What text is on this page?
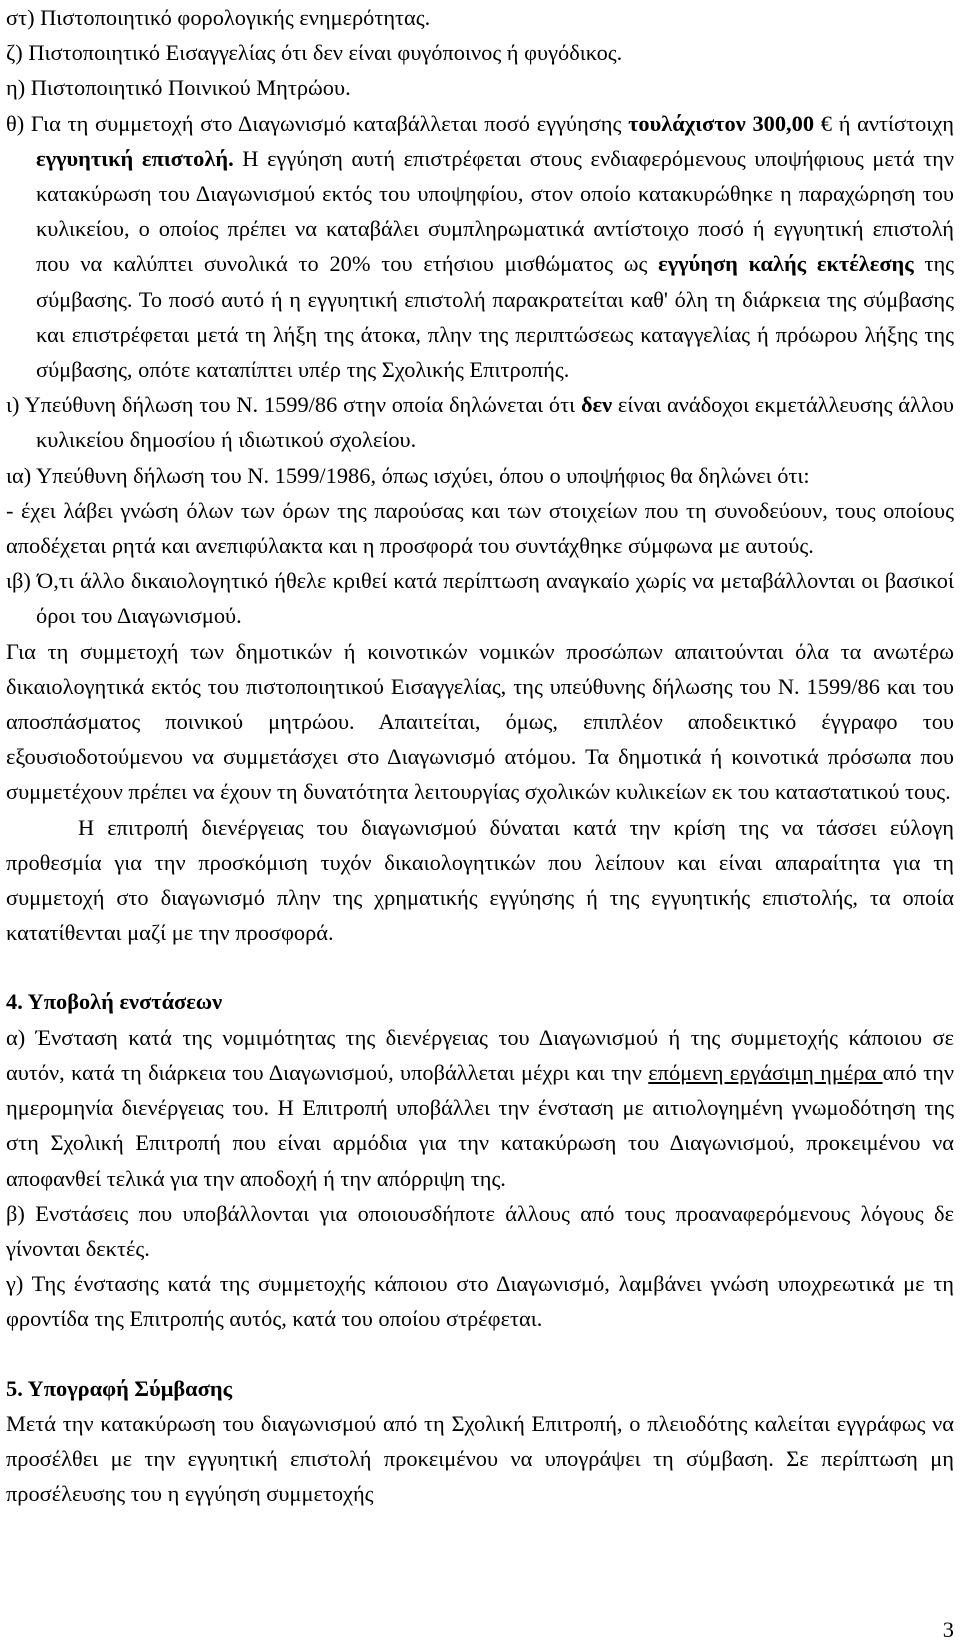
στ) Πιστοποιητικό φορολογικής ενημερότητας.

ζ) Πιστοποιητικό Εισαγγελίας ότι δεν είναι φυγόποινος ή φυγόδικος.

η) Πιστοποιητικό Ποινικού Μητρώου.

θ) Για τη συμμετοχή στο Διαγωνισμό καταβάλλεται ποσό εγγύησης τουλάχιστον 300,00 € ή αντίστοιχη εγγυητική επιστολή. Η εγγύηση αυτή επιστρέφεται στους ενδιαφερόμενους υποψήφιους μετά την κατακύρωση του Διαγωνισμού εκτός του υποψηφίου, στον οποίο κατακυρώθηκε η παραχώρηση του κυλικείου, ο οποίος πρέπει να καταβάλει συμπληρωματικά αντίστοιχο ποσό ή εγγυητική επιστολή που να καλύπτει συνολικά το 20% του ετήσιου μισθώματος ως εγγύηση καλής εκτέλεσης της σύμβασης. Το ποσό αυτό ή η εγγυητική επιστολή παρακρατείται καθ' όλη τη διάρκεια της σύμβασης και επιστρέφεται μετά τη λήξη της άτοκα, πλην της περιπτώσεως καταγγελίας ή πρόωρου λήξης της σύμβασης, οπότε καταπίπτει υπέρ της Σχολικής Επιτροπής.

ι) Υπεύθυνη δήλωση του Ν. 1599/86 στην οποία δηλώνεται ότι δεν είναι ανάδοχοι εκμετάλλευσης άλλου κυλικείου δημοσίου ή ιδιωτικού σχολείου.

ια) Υπεύθυνη δήλωση του Ν. 1599/1986, όπως ισχύει, όπου ο υποψήφιος θα δηλώνει ότι:

- έχει λάβει γνώση όλων των όρων της παρούσας και των στοιχείων που τη συνοδεύουν, τους οποίους αποδέχεται ρητά και ανεπιφύλακτα και η προσφορά του συντάχθηκε σύμφωνα με αυτούς.

ιβ) Ό,τι άλλο δικαιολογητικό ήθελε κριθεί κατά περίπτωση αναγκαίο χωρίς να μεταβάλλονται οι βασικοί όροι του Διαγωνισμού.

Για τη συμμετοχή των δημοτικών ή κοινοτικών νομικών προσώπων απαιτούνται όλα τα ανωτέρω δικαιολογητικά εκτός του πιστοποιητικού Εισαγγελίας, της υπεύθυνης δήλωσης του Ν. 1599/86 και του αποσπάσματος ποινικού μητρώου. Απαιτείται, όμως, επιπλέον αποδεικτικό έγγραφο του εξουσιοδοτούμενου να συμμετάσχει στο Διαγωνισμό ατόμου. Τα δημοτικά ή κοινοτικά πρόσωπα που συμμετέχουν πρέπει να έχουν τη δυνατότητα λειτουργίας σχολικών κυλικείων εκ του καταστατικού τους.

Η επιτροπή διενέργειας του διαγωνισμού δύναται κατά την κρίση της να τάσσει εύλογη προθεσμία για την προσκόμιση τυχόν δικαιολογητικών που λείπουν και είναι απαραίτητα για τη συμμετοχή στο διαγωνισμό πλην της χρηματικής εγγύησης ή της εγγυητικής επιστολής, τα οποία κατατίθενται μαζί με την προσφορά.

4. Υποβολή ενστάσεων

α) Ένσταση κατά της νομιμότητας της διενέργειας του Διαγωνισμού ή της συμμετοχής κάποιου σε αυτόν, κατά τη διάρκεια του Διαγωνισμού, υποβάλλεται μέχρι και την επόμενη εργάσιμη ημέρα από την ημερομηνία διενέργειας του. Η Επιτροπή υποβάλλει την ένσταση με αιτιολογημένη γνωμοδότηση της στη Σχολική Επιτροπή που είναι αρμόδια για την κατακύρωση του Διαγωνισμού, προκειμένου να αποφανθεί τελικά για την αποδοχή ή την απόρριψη της.

β) Ενστάσεις που υποβάλλονται για οποιουσδήποτε άλλους από τους προαναφερόμενους λόγους δε γίνονται δεκτές.

γ) Της ένστασης κατά της συμμετοχής κάποιου στο Διαγωνισμό, λαμβάνει γνώση υποχρεωτικά με τη φροντίδα της Επιτροπής αυτός, κατά του οποίου στρέφεται.

5. Υπογραφή Σύμβασης

Μετά την κατακύρωση του διαγωνισμού από τη Σχολική Επιτροπή, ο πλειοδότης καλείται εγγράφως να προσέλθει με την εγγυητική επιστολή προκειμένου να υπογράψει τη σύμβαση. Σε περίπτωση μη προσέλευσης του η εγγύηση συμμετοχής

3
